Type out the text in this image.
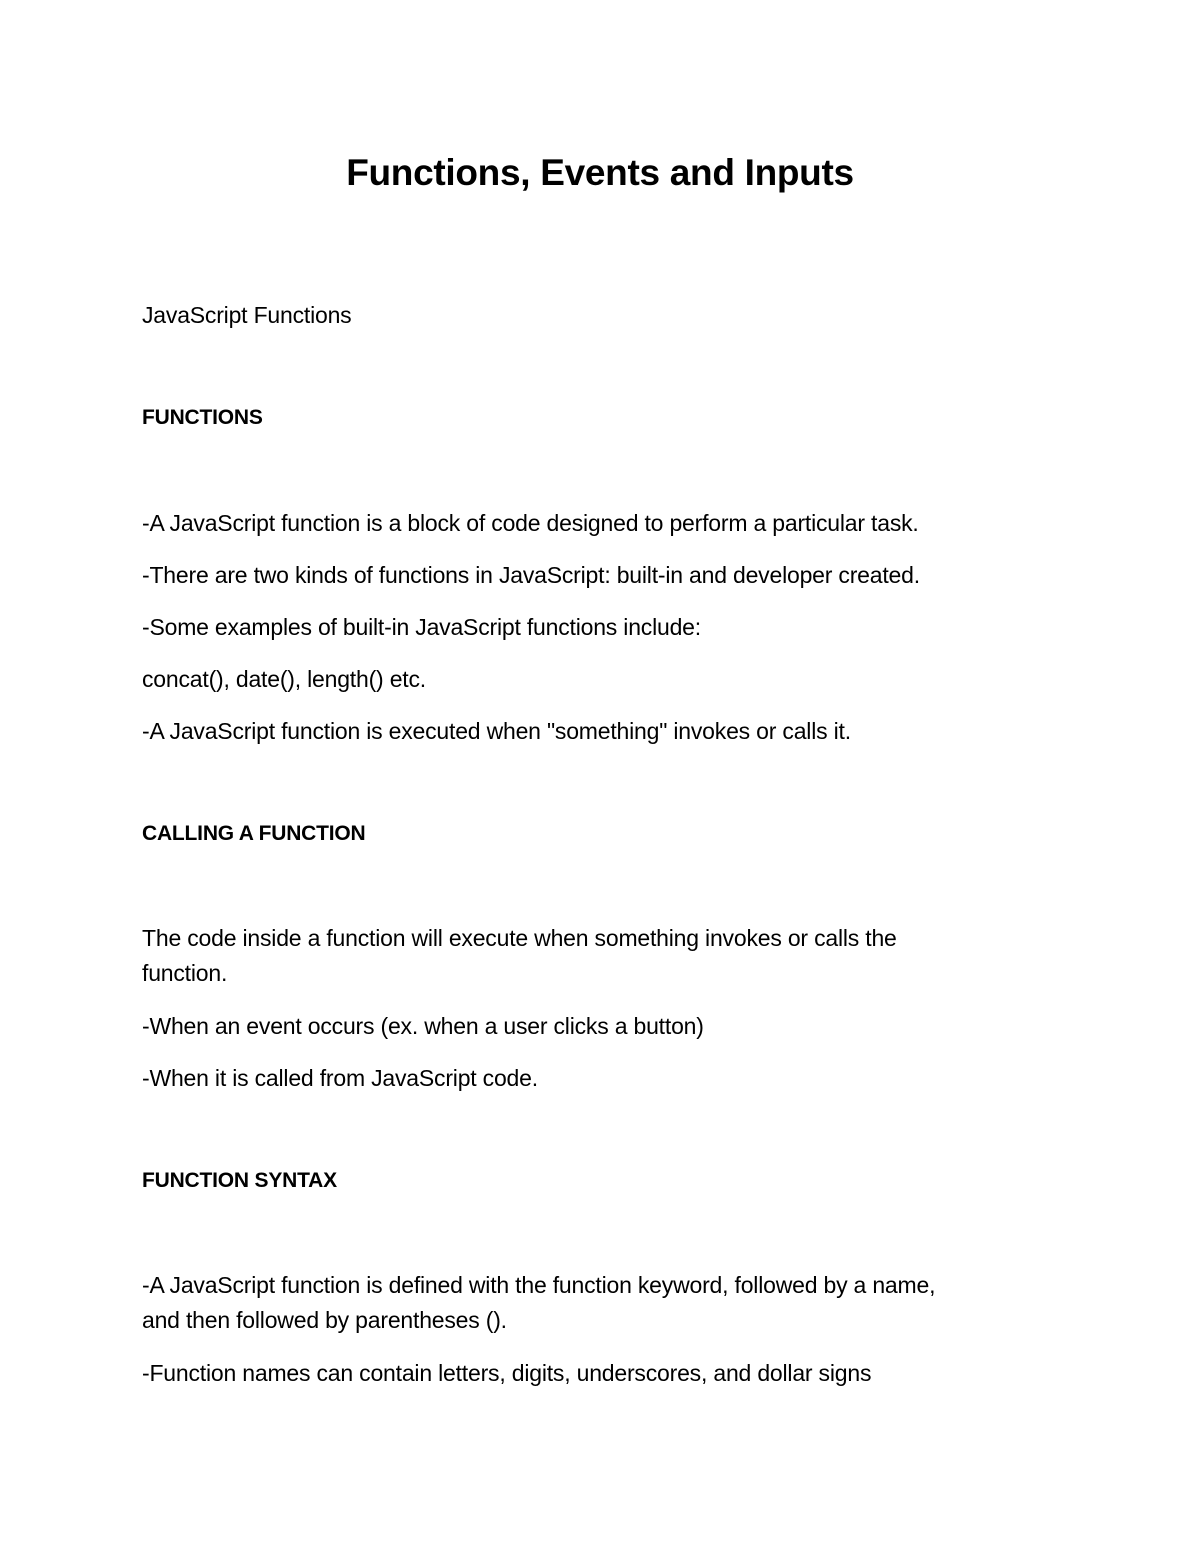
Functions, Events and Inputs

JavaScript Functions

FUNCTIONS

-A JavaScript function is a block of code designed to perform a particular task.

-There are two kinds of functions in JavaScript: built-in and developer created.

-Some examples of built-in JavaScript functions include:

concat(), date(), length() etc.

-A JavaScript function is executed when "something" invokes or calls it.

CALLING A FUNCTION

The code inside a function will execute when something invokes or calls the

function.

-When an event occurs (ex. when a user clicks a button)

-When it is called from JavaScript code.

FUNCTION SYNTAX

-A JavaScript function is defined with the function keyword, followed by a name,

and then followed by parentheses ().

-Function names can contain letters, digits, underscores, and dollar signs
